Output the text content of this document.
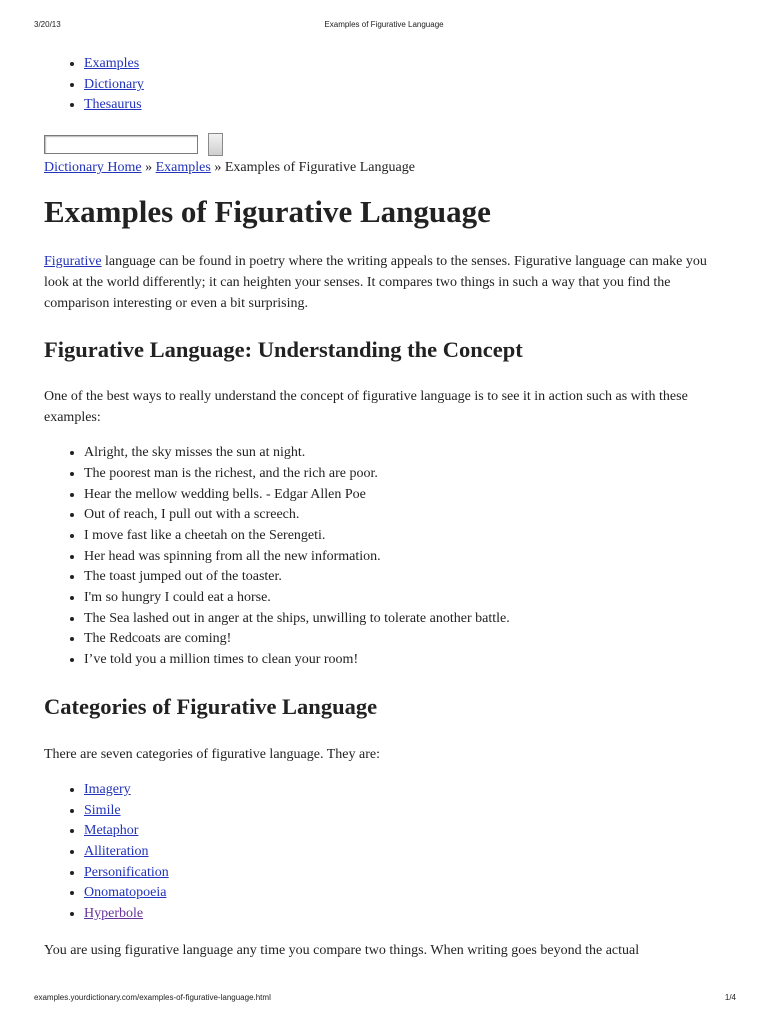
3/20/13	Examples of Figurative Language
• Examples
• Dictionary
• Thesaurus
Dictionary Home » Examples » Examples of Figurative Language
Examples of Figurative Language

Figurative language can be found in poetry where the writing appeals to the senses. Figurative language can make you look at the world differently; it can heighten your senses. It compares two things in such a way that you find the comparison interesting or even a bit surprising.

Figurative Language: Understanding the Concept

One of the best ways to really understand the concept of figurative language is to see it in action such as with these examples:

• Alright, the sky misses the sun at night.
• The poorest man is the richest, and the rich are poor.
• Hear the mellow wedding bells. - Edgar Allen Poe
• Out of reach, I pull out with a screech.
• I move fast like a cheetah on the Serengeti.
• Her head was spinning from all the new information.
• The toast jumped out of the toaster.
• I'm so hungry I could eat a horse.
• The Sea lashed out in anger at the ships, unwilling to tolerate another battle.
• The Redcoats are coming!
• I’ve told you a million times to clean your room!
Categories of Figurative Language

There are seven categories of figurative language. They are:

• Imagery
• Simile
• Metaphor
• Alliteration
• Personification
• Onomatopoeia
• Hyperbole

You are using figurative language any time you compare two things. When writing goes beyond the actual

examples.yourdictionary.com/examples-of-figurative-language.html	1/4
